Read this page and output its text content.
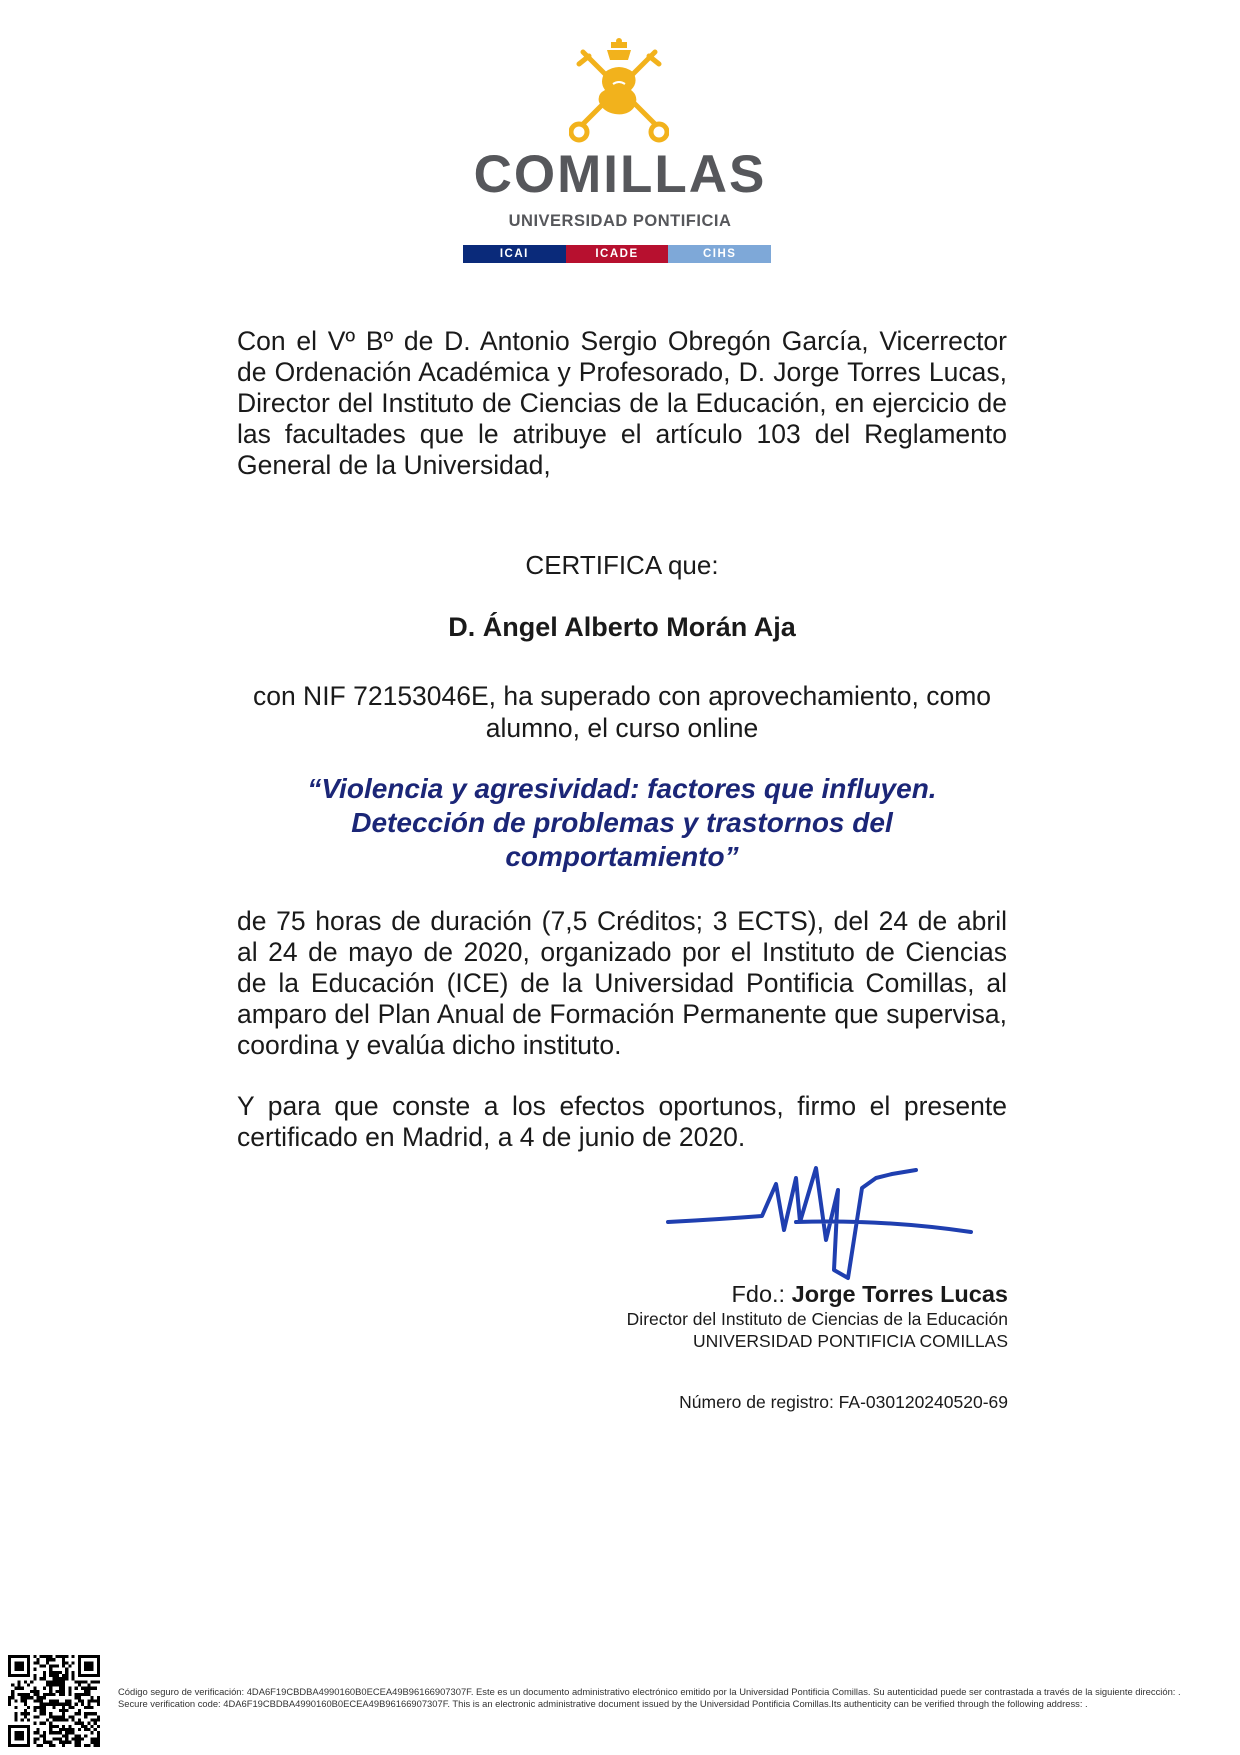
COMILLAS
UNIVERSIDAD PONTIFICIA
ICAI	ICADE	CIHS
Con el Vº Bº de D. Antonio Sergio Obregón García, Vicerrector de Ordenación Académica y Profesorado, D. Jorge Torres Lucas, Director del Instituto de Ciencias de la Educación, en ejercicio de las facultades que le atribuye el artículo 103 del Reglamento General de la Universidad,
CERTIFICA que:
D. Ángel Alberto Morán Aja
con NIF 72153046E, ha superado con aprovechamiento, como
alumno, el curso online
“Violencia y agresividad: factores que influyen.
Detección de problemas y trastornos del
comportamiento”
de 75 horas de duración (7,5 Créditos; 3 ECTS), del 24 de abril al 24 de mayo de 2020, organizado por el Instituto de Ciencias de la Educación (ICE) de la Universidad Pontificia Comillas, al amparo del Plan Anual de Formación Permanente que supervisa, coordina y evalúa dicho instituto.
Y para que conste a los efectos oportunos, firmo el presente certificado en Madrid, a 4 de junio de 2020.
Fdo.: Jorge Torres Lucas
Director del Instituto de Ciencias de la Educación
UNIVERSIDAD PONTIFICIA COMILLAS
Número de registro: FA-030120240520-69

Código seguro de verificación: 4DA6F19CBDBA4990160B0ECEA49B96166907307F. Este es un documento administrativo electrónico emitido por la Universidad Pontificia Comillas. Su autenticidad puede ser contrastada a través de la siguiente dirección: .

Secure verification code: 4DA6F19CBDBA4990160B0ECEA49B96166907307F. This is an electronic administrative document issued by the Universidad Pontificia Comillas.Its authenticity can be verified through the following address: .
